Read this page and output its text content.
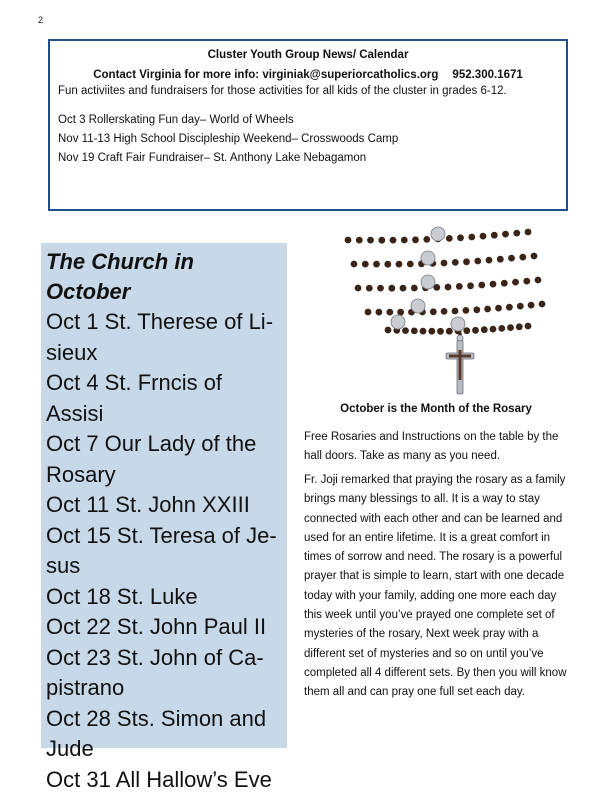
2
Cluster Youth Group News/ Calendar
Contact Virginia for more info: virginiak@superiorcatholics.org 952.300.1671
Fun activiites and fundraisers for those activities for all kids of the cluster in grades 6-12.
Oct 3 Rollerskating Fun day– World of Wheels
Nov 11-13 High School Discipleship Weekend– Crosswoods Camp
Nov 19 Craft Fair Fundraiser– St. Anthony Lake Nebagamon
The Church in October
Oct 1 St. Therese of Li-
sieux
Oct 4 St. Frncis of Assisi
Oct 7 Our Lady of the
Rosary
Oct 11 St. John XXIII
Oct 15 St. Teresa of Je-
sus
Oct 18 St. Luke
Oct 22 St. John Paul II
Oct 23 St. John of Ca-
pistrano
Oct 28 Sts. Simon and
Jude
Oct 31 All Hallow’s Eve
October is the Month of the Rosary
Free Rosaries and Instructions on the table by the hall doors. Take as many as you need.
Fr. Joji remarked that praying the rosary as a family brings many blessings to all. It is a way to stay connected with each other and can be learned and used for an entire lifetime. It is a great comfort in times of sorrow and need. The rosary is a powerful prayer that is simple to learn, start with one decade today with your family, adding one more each day this week until you’ve prayed one complete set of mysteries of the rosary, Next week pray with a different set of mysteries and so on until you’ve completed all 4 different sets. By then you will know them all and can pray one full set each day.
